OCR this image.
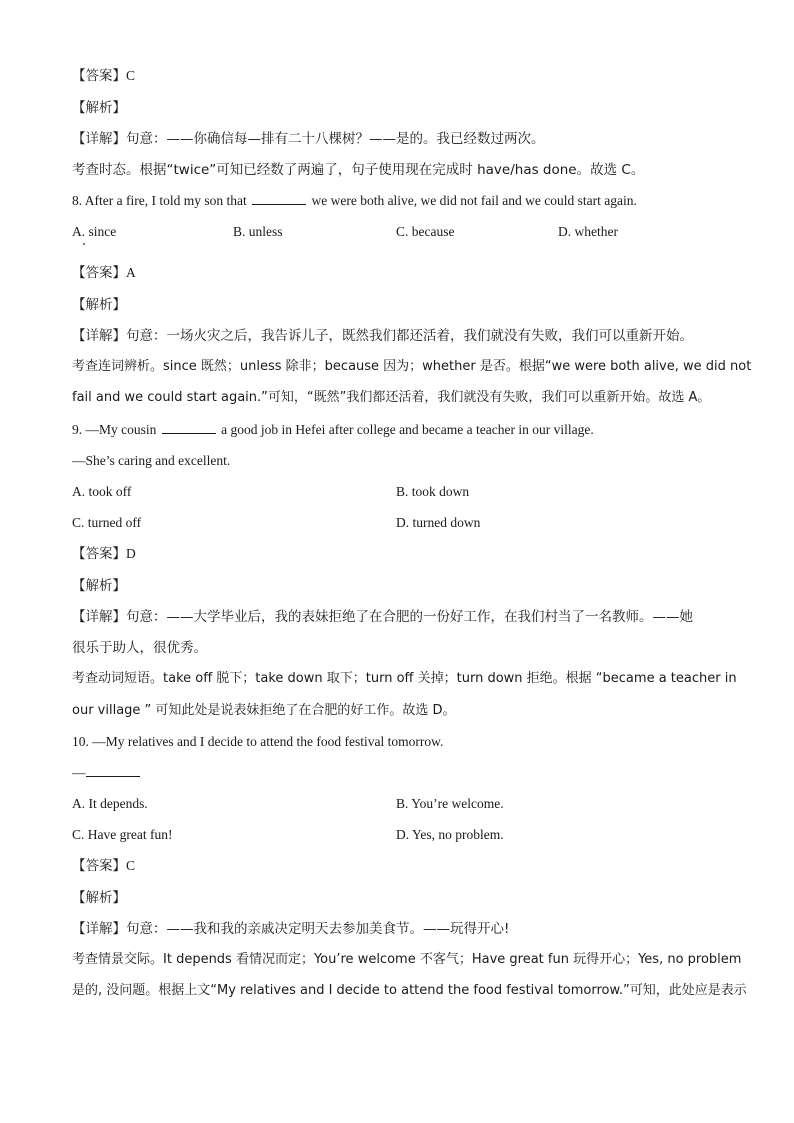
【答案】C
【解析】
【详解】句意：——你确信每—排有二十八棵树？——是的。我已经数过两次。
考查时态。根据“twice”可知已经数了两遍了，句子使用现在完成时 have/has done。故选 C。
8. After a fire, I told my son that	we were both alive, we did not fail and we could start again.
A. since	B. unless	C. because	D. whether
【答案】A
【解析】
【详解】句意：一场火灾之后，我告诉儿子，既然我们都还活着，我们就没有失败，我们可以重新开始。
考查连词辨析。since 既然；unless 除非；because 因为；whether 是否。根据“we were both alive, we did not
fail and we could start again.”可知，“既然”我们都还活着，我们就没有失败，我们可以重新开始。故选 A。
9. —My cousin	a good job in Hefei after college and became a teacher in our village.
—She’s caring and excellent.
A. took off	B. took down
C. turned off	D. turned down
【答案】D
【解析】
【详解】句意：——大学毕业后，我的表妹拒绝了在合肥的一份好工作，在我们村当了一名教师。——她
很乐于助人，很优秀。
考查动词短语。take off 脱下；take down 取下；turn off 关掉；turn down 拒绝。根据 “became a teacher in
our village ” 可知此处是说表妹拒绝了在合肥的好工作。故选 D。
10. —My relatives and I decide to attend the food festival tomorrow.
—
A. It depends.	B. You’re welcome.
C. Have great fun!	D. Yes, no problem.
【答案】C
【解析】
【详解】句意：——我和我的亲戚决定明天去参加美食节。——玩得开心!
考查情景交际。It depends 看情况而定；You’re welcome 不客气；Have great fun 玩得开心；Yes, no problem
是的, 没问题。根据上文“My relatives and I decide to attend the food festival tomorrow.”可知，此处应是表示
